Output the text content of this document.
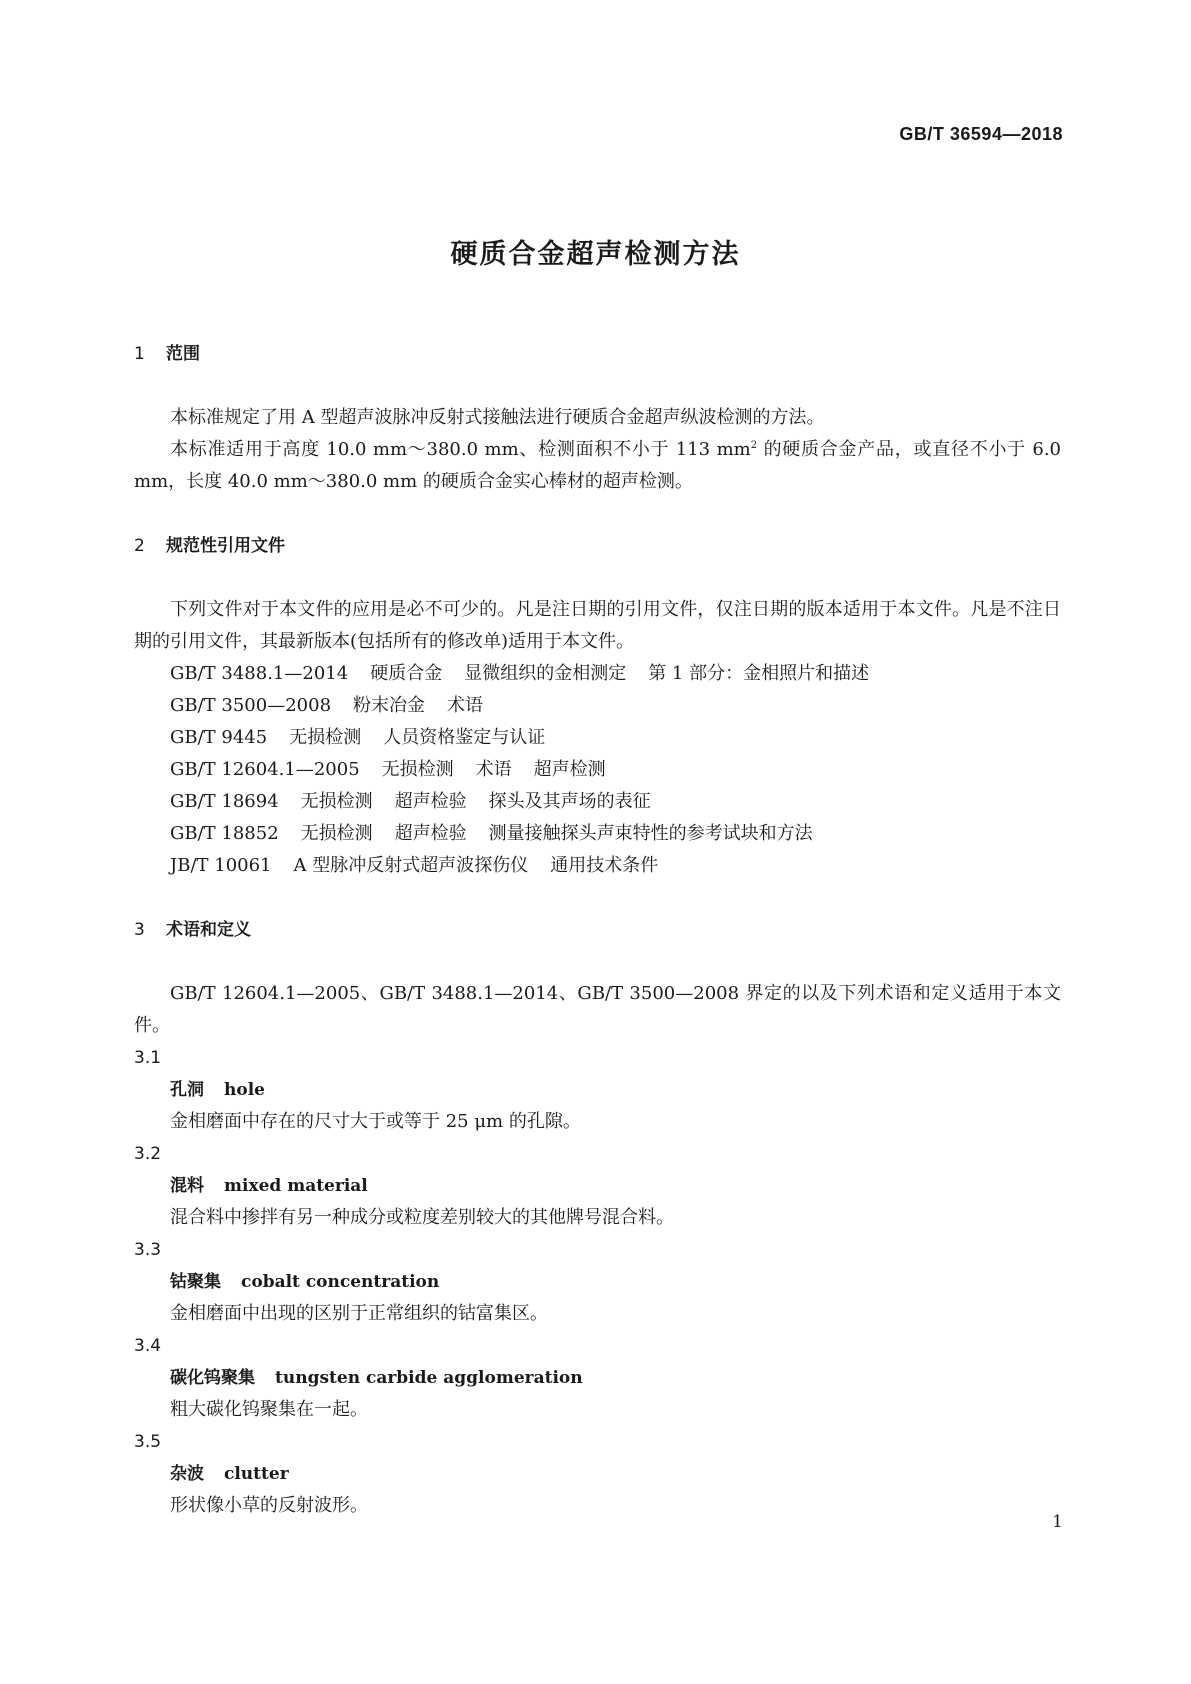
GB/T 36594—2018
硬质合金超声检测方法
1 范围

本标准规定了用 A 型超声波脉冲反射式接触法进行硬质合金超声纵波检测的方法。

本标准适用于高度 10.0 mm～380.0 mm、检测面积不小于 113 $mm^2$ 的硬质合金产品，或直径不小于 6.0 mm，长度 40.0 mm～380.0 mm 的硬质合金实心棒材的超声检测。

2 规范性引用文件

下列文件对于本文件的应用是必不可少的。凡是注日期的引用文件，仅注日期的版本适用于本文件。凡是不注日期的引用文件，其最新版本(包括所有的修改单)适用于本文件。

GB/T 3488.1—2014 硬质合金 显微组织的金相测定 第 1 部分：金相照片和描述

GB/T 3500—2008 粉末冶金 术语

GB/T 9445 无损检测 人员资格鉴定与认证

GB/T 12604.1—2005 无损检测 术语 超声检测

GB/T 18694 无损检测 超声检验 探头及其声场的表征

GB/T 18852 无损检测 超声检验 测量接触探头声束特性的参考试块和方法

JB/T 10061 A 型脉冲反射式超声波探伤仪 通用技术条件

3 术语和定义

GB/T 12604.1—2005、GB/T 3488.1—2014、GB/T 3500—2008 界定的以及下列术语和定义适用于本文件。

3.1

孔洞 hole

金相磨面中存在的尺寸大于或等于 25 μm 的孔隙。

3.2

混料 mixed material

混合料中掺拌有另一种成分或粒度差别较大的其他牌号混合料。

3.3

钴聚集 cobalt concentration

金相磨面中出现的区别于正常组织的钴富集区。

3.4

碳化钨聚集 tungsten carbide agglomeration

粗大碳化钨聚集在一起。

3.5

杂波 clutter

形状像小草的反射波形。

1
